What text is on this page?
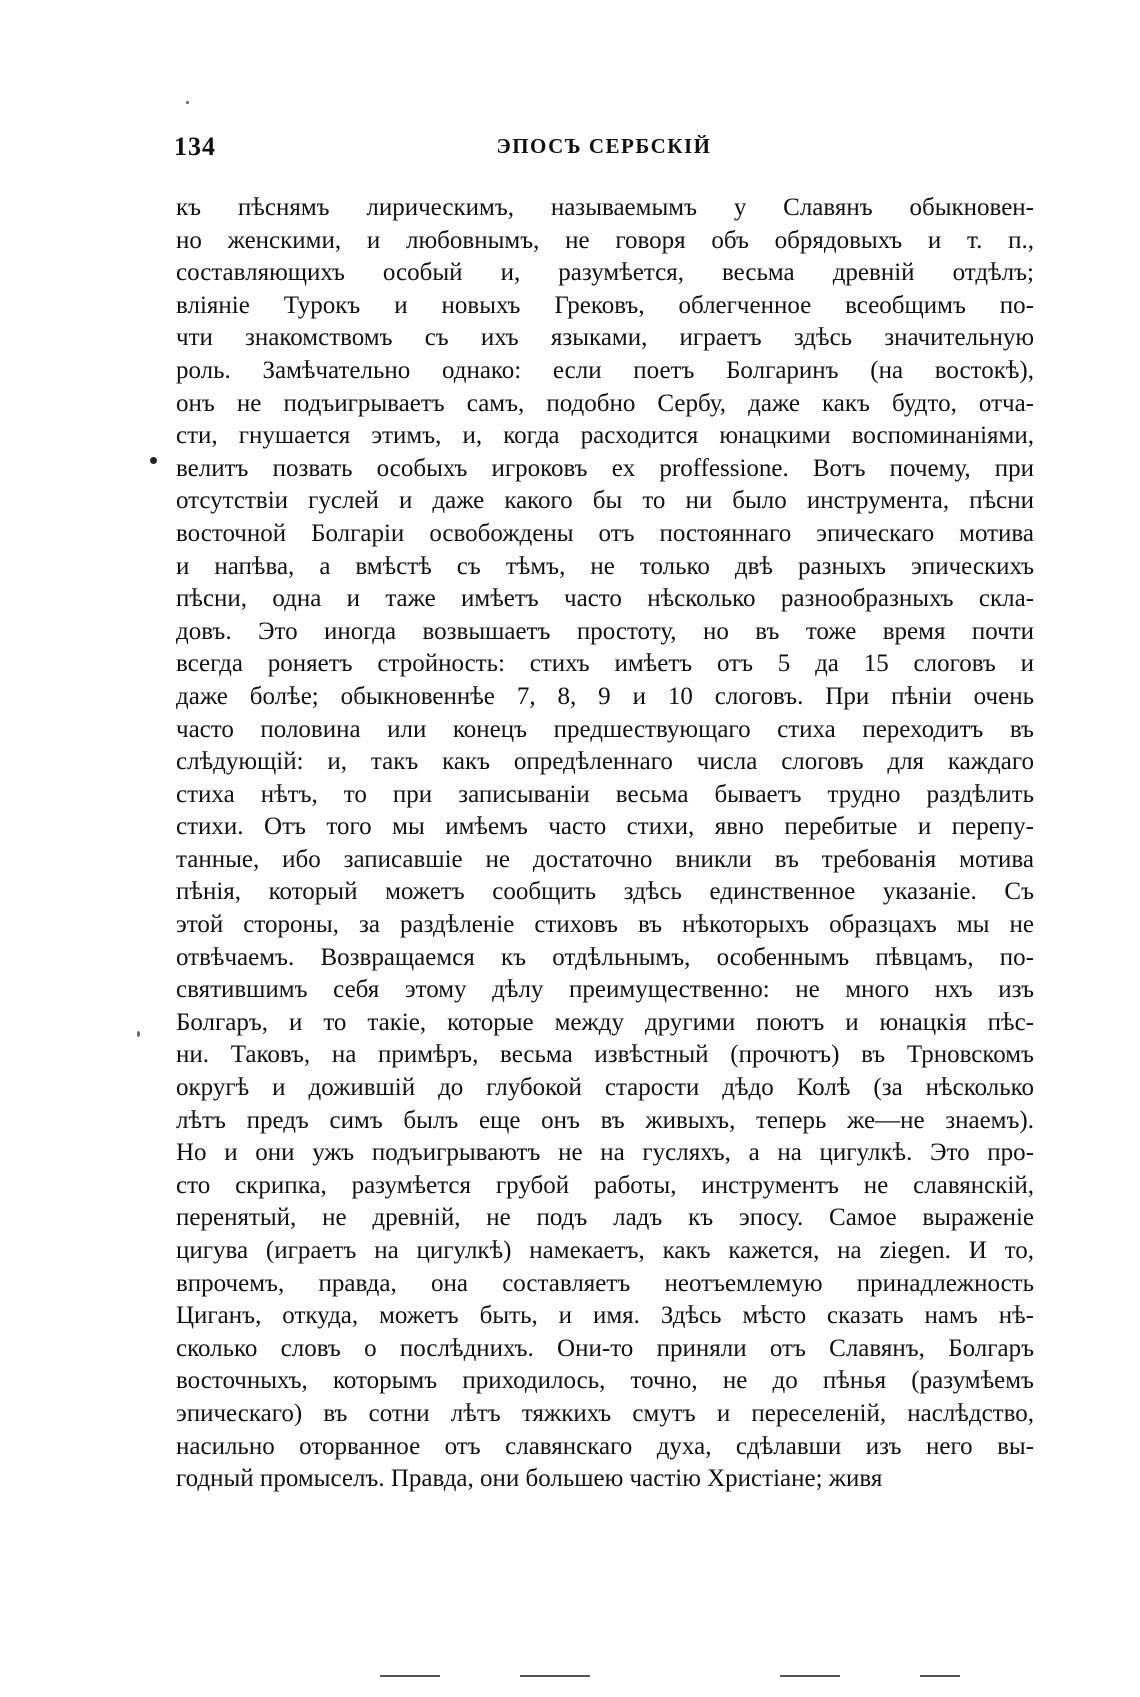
134	ЭПОСЪ СЕРБСКІЙ
къ пѣснямъ лирическимъ, называемымъ у Славянъ обыкновен-
но женскими, и любовнымъ, не говоря объ обрядовыхъ и т. п.,
составляющихъ особый и, разумѣется, весьма древній отдѣлъ;
вліяніе Турокъ и новыхъ Грековъ, облегченное всеобщимъ по-
чти знакомствомъ съ ихъ языками, играетъ здѣсь значительную
роль. Замѣчательно однако: если поетъ Болгаринъ (на востокѣ),
онъ не подъигрываетъ самъ, подобно Сербу, даже какъ будто, отча-
сти, гнушается этимъ, и, когда расходится юнацкими воспоминаніями,
велитъ позвать особыхъ игроковъ ex proffessione. Вотъ почему, при
отсутствіи гуслей и даже какого бы то ни было инструмента, пѣсни
восточной Болгаріи освобождены отъ постояннаго эпическаго мотива
и напѣва, а вмѣстѣ съ тѣмъ, не только двѣ разныхъ эпическихъ
пѣсни, одна и таже имѣетъ часто нѣсколько разнообразныхъ скла-
довъ. Это иногда возвышаетъ простоту, но въ тоже время почти
всегда роняетъ стройность: стихъ имѣетъ отъ 5 да 15 слоговъ и
даже болѣе; обыкновеннѣе 7, 8, 9 и 10 слоговъ. При пѣніи очень
часто половина или конецъ предшествующаго стиха переходитъ въ
слѣдующій: и, такъ какъ опредѣленнаго числа слоговъ для каждаго
стиха нѣтъ, то при записываніи весьма бываетъ трудно раздѣлить
стихи. Отъ того мы имѣемъ часто стихи, явно перебитые и перепу-
танные, ибо записавшіе не достаточно вникли въ требованія мотива
пѣнія, который можетъ сообщить здѣсь единственное указаніе. Съ
этой стороны, за раздѣленіе стиховъ въ нѣкоторыхъ образцахъ мы не
отвѣчаемъ. Возвращаемся къ отдѣльнымъ, особеннымъ пѣвцамъ, по-
святившимъ себя этому дѣлу преимущественно: не много нхъ изъ
Болгаръ, и то такіе, которые между другими поютъ и юнацкія пѣс-
ни. Таковъ, на примѣръ, весьма извѣстный (прочютъ) въ Трновскомъ
округѣ и дожившій до глубокой старости дѣдо Колѣ (за нѣсколько
лѣтъ предъ симъ былъ еще онъ въ живыхъ, теперь же—не знаемъ).
Но и они ужъ подъигрываютъ не на гусляхъ, а на цигулкѣ. Это про-
сто скрипка, разумѣется грубой работы, инструментъ не славянскій,
перенятый, не древній, не подъ ладъ къ эпосу. Самое выраженіе
цигува (играетъ на цигулкѣ) намекаетъ, какъ кажется, на ziegen. И то,
впрочемъ, правда, она составляетъ неотъемлемую принадлежность
Циганъ, откуда, можетъ быть, и имя. Здѣсь мѣсто сказать намъ нѣ-
сколько словъ о послѣднихъ. Они-то приняли отъ Славянъ, Болгаръ
восточныхъ, которымъ приходилось, точно, не до пѣнья (разумѣемъ
эпическаго) въ сотни лѣтъ тяжкихъ смутъ и переселеній, наслѣдство,
насильно оторванное отъ славянскаго духа, сдѣлавши изъ него вы-
годный промыселъ. Правда, они большею частію Христіане; живя
